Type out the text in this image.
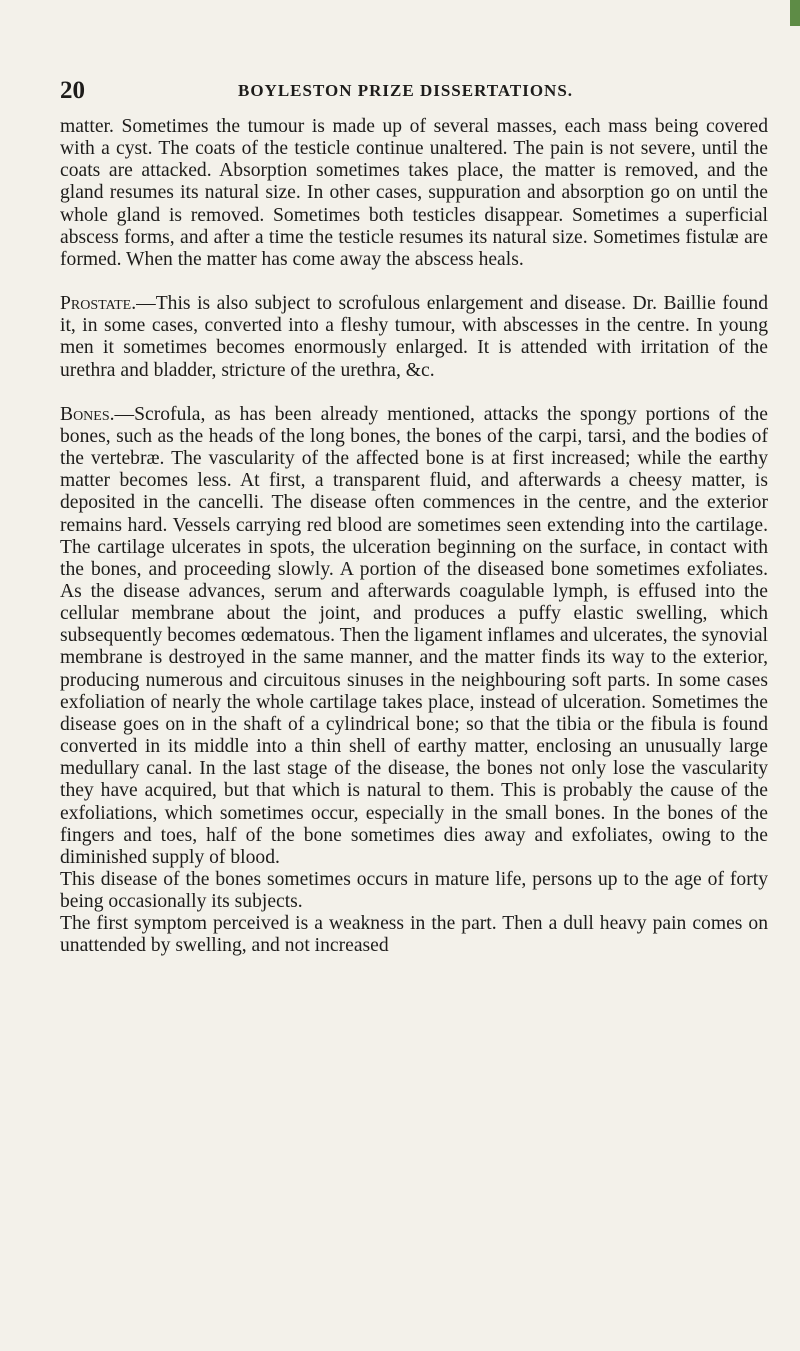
20	BOYLESTON PRIZE DISSERTATIONS.

matter. Sometimes the tumour is made up of several masses, each mass being covered with a cyst. The coats of the testicle continue unaltered. The pain is not severe, until the coats are attacked. Absorption sometimes takes place, the matter is removed, and the gland resumes its natural size. In other cases, suppuration and absorption go on until the whole gland is removed. Sometimes both testicles disappear. Sometimes a superficial abscess forms, and after a time the testicle resumes its natural size. Sometimes fistulæ are formed. When the matter has come away the abscess heals.

Prostate.—This is also subject to scrofulous enlargement and disease. Dr. Baillie found it, in some cases, converted into a fleshy tumour, with abscesses in the centre. In young men it sometimes becomes enormously enlarged. It is attended with irritation of the urethra and bladder, stricture of the urethra, &c.

Bones.—Scrofula, as has been already mentioned, attacks the spongy portions of the bones, such as the heads of the long bones, the bones of the carpi, tarsi, and the bodies of the vertebræ. The vascularity of the affected bone is at first increased; while the earthy matter becomes less. At first, a transparent fluid, and afterwards a cheesy matter, is deposited in the cancelli. The disease often commences in the centre, and the exterior remains hard. Vessels carrying red blood are sometimes seen extending into the cartilage. The cartilage ulcerates in spots, the ulceration beginning on the surface, in contact with the bones, and proceeding slowly. A portion of the diseased bone sometimes exfoliates. As the disease advances, serum and afterwards coagulable lymph, is effused into the cellular membrane about the joint, and produces a puffy elastic swelling, which subsequently becomes œdematous. Then the ligament inflames and ulcerates, the synovial membrane is destroyed in the same manner, and the matter finds its way to the exterior, producing numerous and circuitous sinuses in the neighbouring soft parts. In some cases exfoliation of nearly the whole cartilage takes place, instead of ulceration. Sometimes the disease goes on in the shaft of a cylindrical bone; so that the tibia or the fibula is found converted in its middle into a thin shell of earthy matter, enclosing an unusually large medullary canal. In the last stage of the disease, the bones not only lose the vascularity they have acquired, but that which is natural to them. This is probably the cause of the exfoliations, which sometimes occur, especially in the small bones. In the bones of the fingers and toes, half of the bone sometimes dies away and exfoliates, owing to the diminished supply of blood.

This disease of the bones sometimes occurs in mature life, persons up to the age of forty being occasionally its subjects.

The first symptom perceived is a weakness in the part. Then a dull heavy pain comes on unattended by swelling, and not increased
